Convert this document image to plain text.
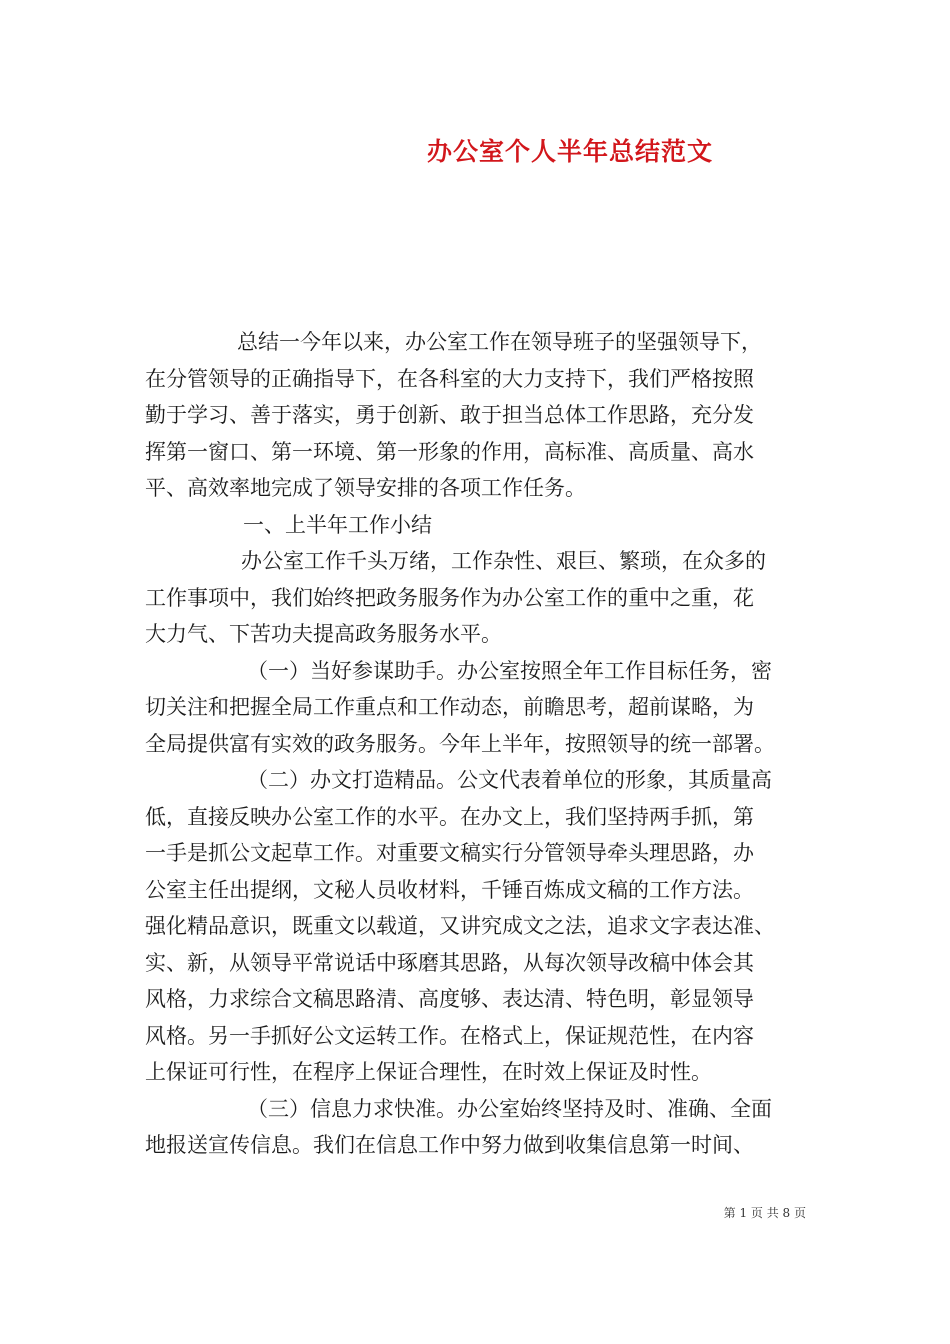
办公室个人半年总结范文
总结一今年以来，办公室工作在领导班子的坚强领导下，
在分管领导的正确指导下，在各科室的大力支持下，我们严格按照
勤于学习、善于落实，勇于创新、敢于担当总体工作思路，充分发
挥第一窗口、第一环境、第一形象的作用，高标准、高质量、高水
平、高效率地完成了领导安排的各项工作任务。
一、上半年工作小结
办公室工作千头万绪，工作杂性、艰巨、繁琐，在众多的
工作事项中，我们始终把政务服务作为办公室工作的重中之重，花
大力气、下苦功夫提高政务服务水平。
（一）当好参谋助手。办公室按照全年工作目标任务，密
切关注和把握全局工作重点和工作动态，前瞻思考，超前谋略，为
全局提供富有实效的政务服务。今年上半年，按照领导的统一部署。
（二）办文打造精品。公文代表着单位的形象，其质量高
低，直接反映办公室工作的水平。在办文上，我们坚持两手抓，第
一手是抓公文起草工作。对重要文稿实行分管领导牵头理思路，办
公室主任出提纲，文秘人员收材料，千锤百炼成文稿的工作方法。
强化精品意识，既重文以载道，又讲究成文之法，追求文字表达准、
实、新，从领导平常说话中琢磨其思路，从每次领导改稿中体会其
风格，力求综合文稿思路清、高度够、表达清、特色明，彰显领导
风格。另一手抓好公文运转工作。在格式上，保证规范性，在内容
上保证可行性，在程序上保证合理性，在时效上保证及时性。
（三）信息力求快准。办公室始终坚持及时、准确、全面
地报送宣传信息。我们在信息工作中努力做到收集信息第一时间、
第 1 页 共 8 页
